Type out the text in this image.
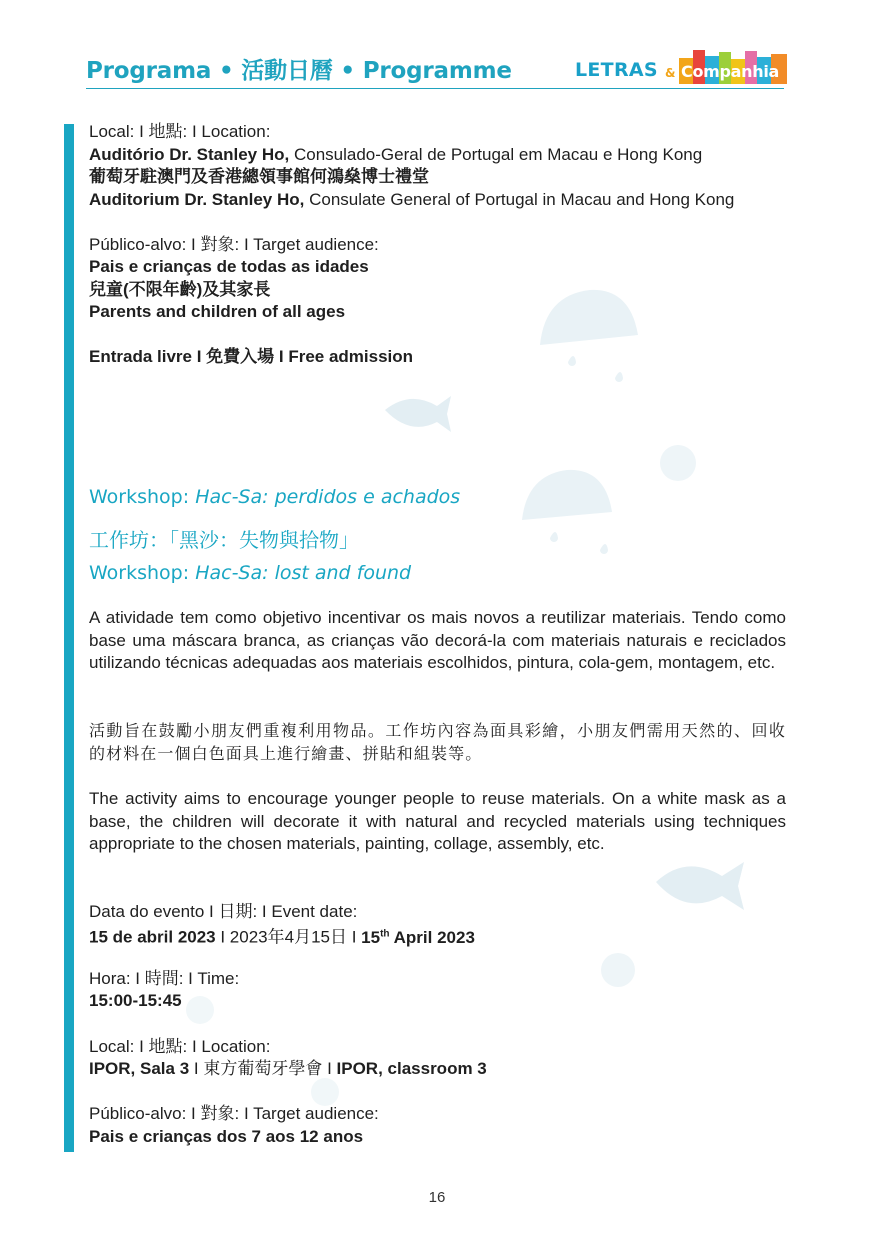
Programa • 活動日曆 • Programme	LETRAS & Companhia
Local: I 地點: I Location:
Auditório Dr. Stanley Ho, Consulado-Geral de Portugal em Macau e Hong Kong
葡萄牙駐澳門及香港總領事館何鴻燊博士禮堂
Auditorium Dr. Stanley Ho, Consulate General of Portugal in Macau and Hong Kong
Público-alvo: I 對象: I Target audience:
Pais e crianças de todas as idades
兒童(不限年齡)及其家長
Parents and children of all ages
Entrada livre I 免費入場 I Free admission
Workshop: Hac-Sa: perdidos e achados
工作坊：「黑沙：失物與拾物」
Workshop: Hac-Sa: lost and found

A atividade tem como objetivo incentivar os mais novos a reutilizar materiais. Tendo como base uma máscara branca, as crianças vão decorá-la com materiais naturais e reciclados utilizando técnicas adequadas aos materiais escolhidos, pintura, cola-gem, montagem, etc.

活動旨在鼓勵小朋友們重複利用物品。工作坊內容為面具彩繪，小朋友們需用天然的、回收的材料在一個白色面具上進行繪畫、拼貼和組裝等。

The activity aims to encourage younger people to reuse materials. On a white mask as a base, the children will decorate it with natural and recycled materials using techniques appropriate to the chosen materials, painting, collage, assembly, etc.

Data do evento I 日期: I Event date:
15 de abril 2023 I 2023年4月15日 I 15th April 2023
Hora: I 時間: I Time:
15:00-15:45
Local: I 地點: I Location:
IPOR, Sala 3 I 東方葡萄牙學會 I IPOR, classroom 3
Público-alvo: I 對象: I Target audience:
Pais e crianças dos 7 aos 12 anos
16
